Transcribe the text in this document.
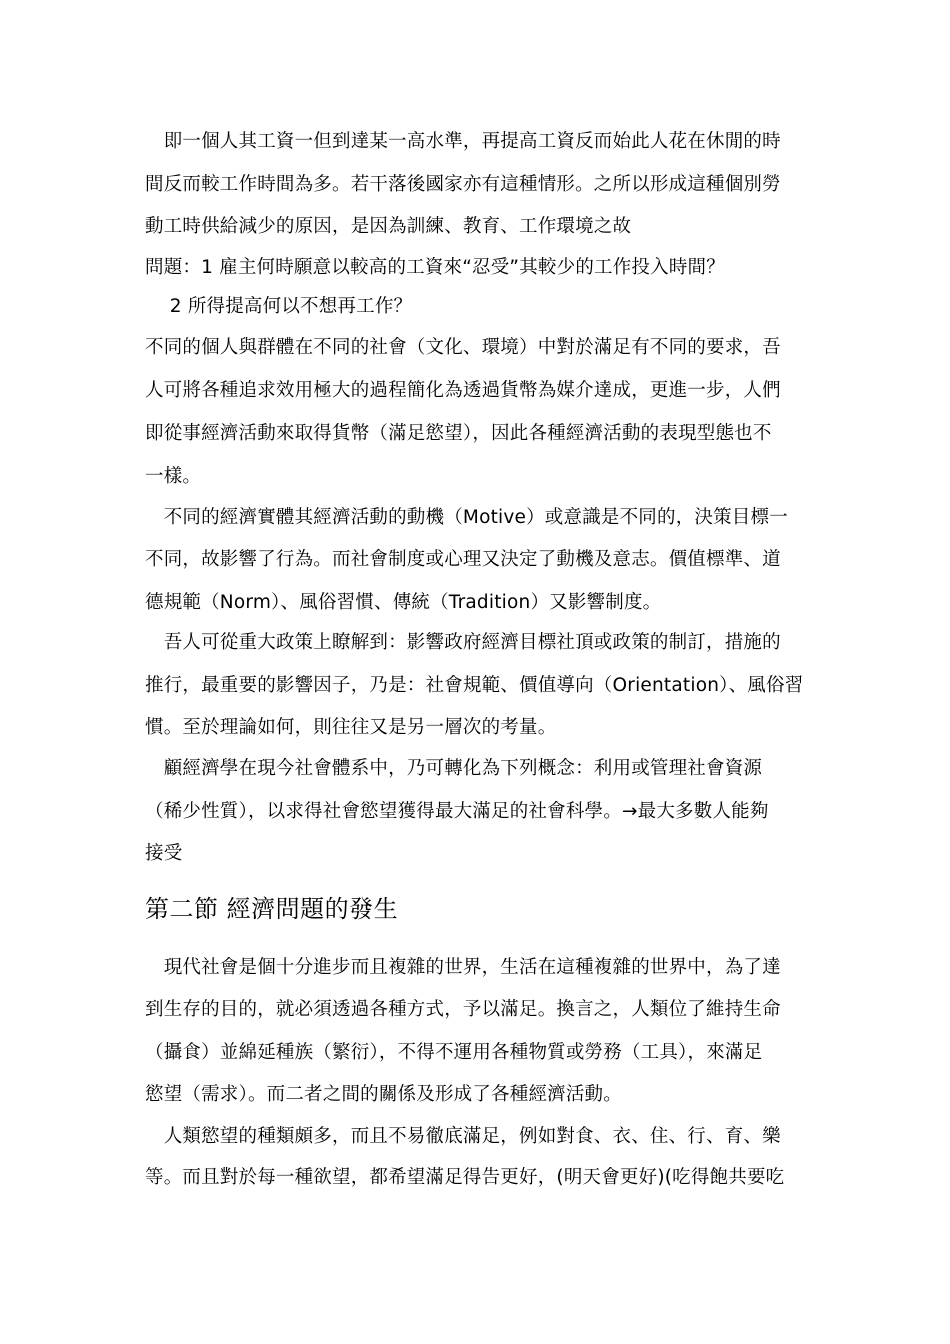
　即一個人其工資一但到達某一高水準，再提高工資反而始此人花在休閒的時
間反而較工作時間為多。若干落後國家亦有這種情形。之所以形成這種個別勞
動工時供給減少的原因，是因為訓練、教育、工作環境之故
問題：1 雇主何時願意以較高的工資來“忍受”其較少的工作投入時間？
　 2 所得提高何以不想再工作？
不同的個人與群體在不同的社會（文化、環境）中對於滿足有不同的要求，吾
人可將各種追求效用極大的過程簡化為透過貨幣為媒介達成，更進一步，人們
即從事經濟活動來取得貨幣（滿足慾望），因此各種經濟活動的表現型態也不
一樣。
　不同的經濟實體其經濟活動的動機（Motive）或意識是不同的，決策目標一
不同，故影響了行為。而社會制度或心理又決定了動機及意志。價值標準、道
德規範（Norm）、風俗習慣、傳統（Tradition）又影響制度。
　吾人可從重大政策上瞭解到：影響政府經濟目標社頂或政策的制訂，措施的
推行，最重要的影響因子，乃是：社會規範、價值導向（Orientation）、風俗習
慣。至於理論如何，則往往又是另一層次的考量。
　顧經濟學在現今社會體系中，乃可轉化為下列概念：利用或管理社會資源
（稀少性質），以求得社會慾望獲得最大滿足的社會科學。→最大多數人能夠
接受
第二節 經濟問題的發生
　現代社會是個十分進步而且複雜的世界，生活在這種複雜的世界中，為了達
到生存的目的，就必須透過各種方式，予以滿足。換言之，人類位了維持生命
（攝食）並綿延種族（繁衍），不得不運用各種物質或勞務（工具），來滿足
慾望（需求）。而二者之間的關係及形成了各種經濟活動。
　人類慾望的種類頗多，而且不易徹底滿足，例如對食、衣、住、行、育、樂
等。而且對於每一種欲望，都希望滿足得告更好，(明天會更好)(吃得飽共要吃
